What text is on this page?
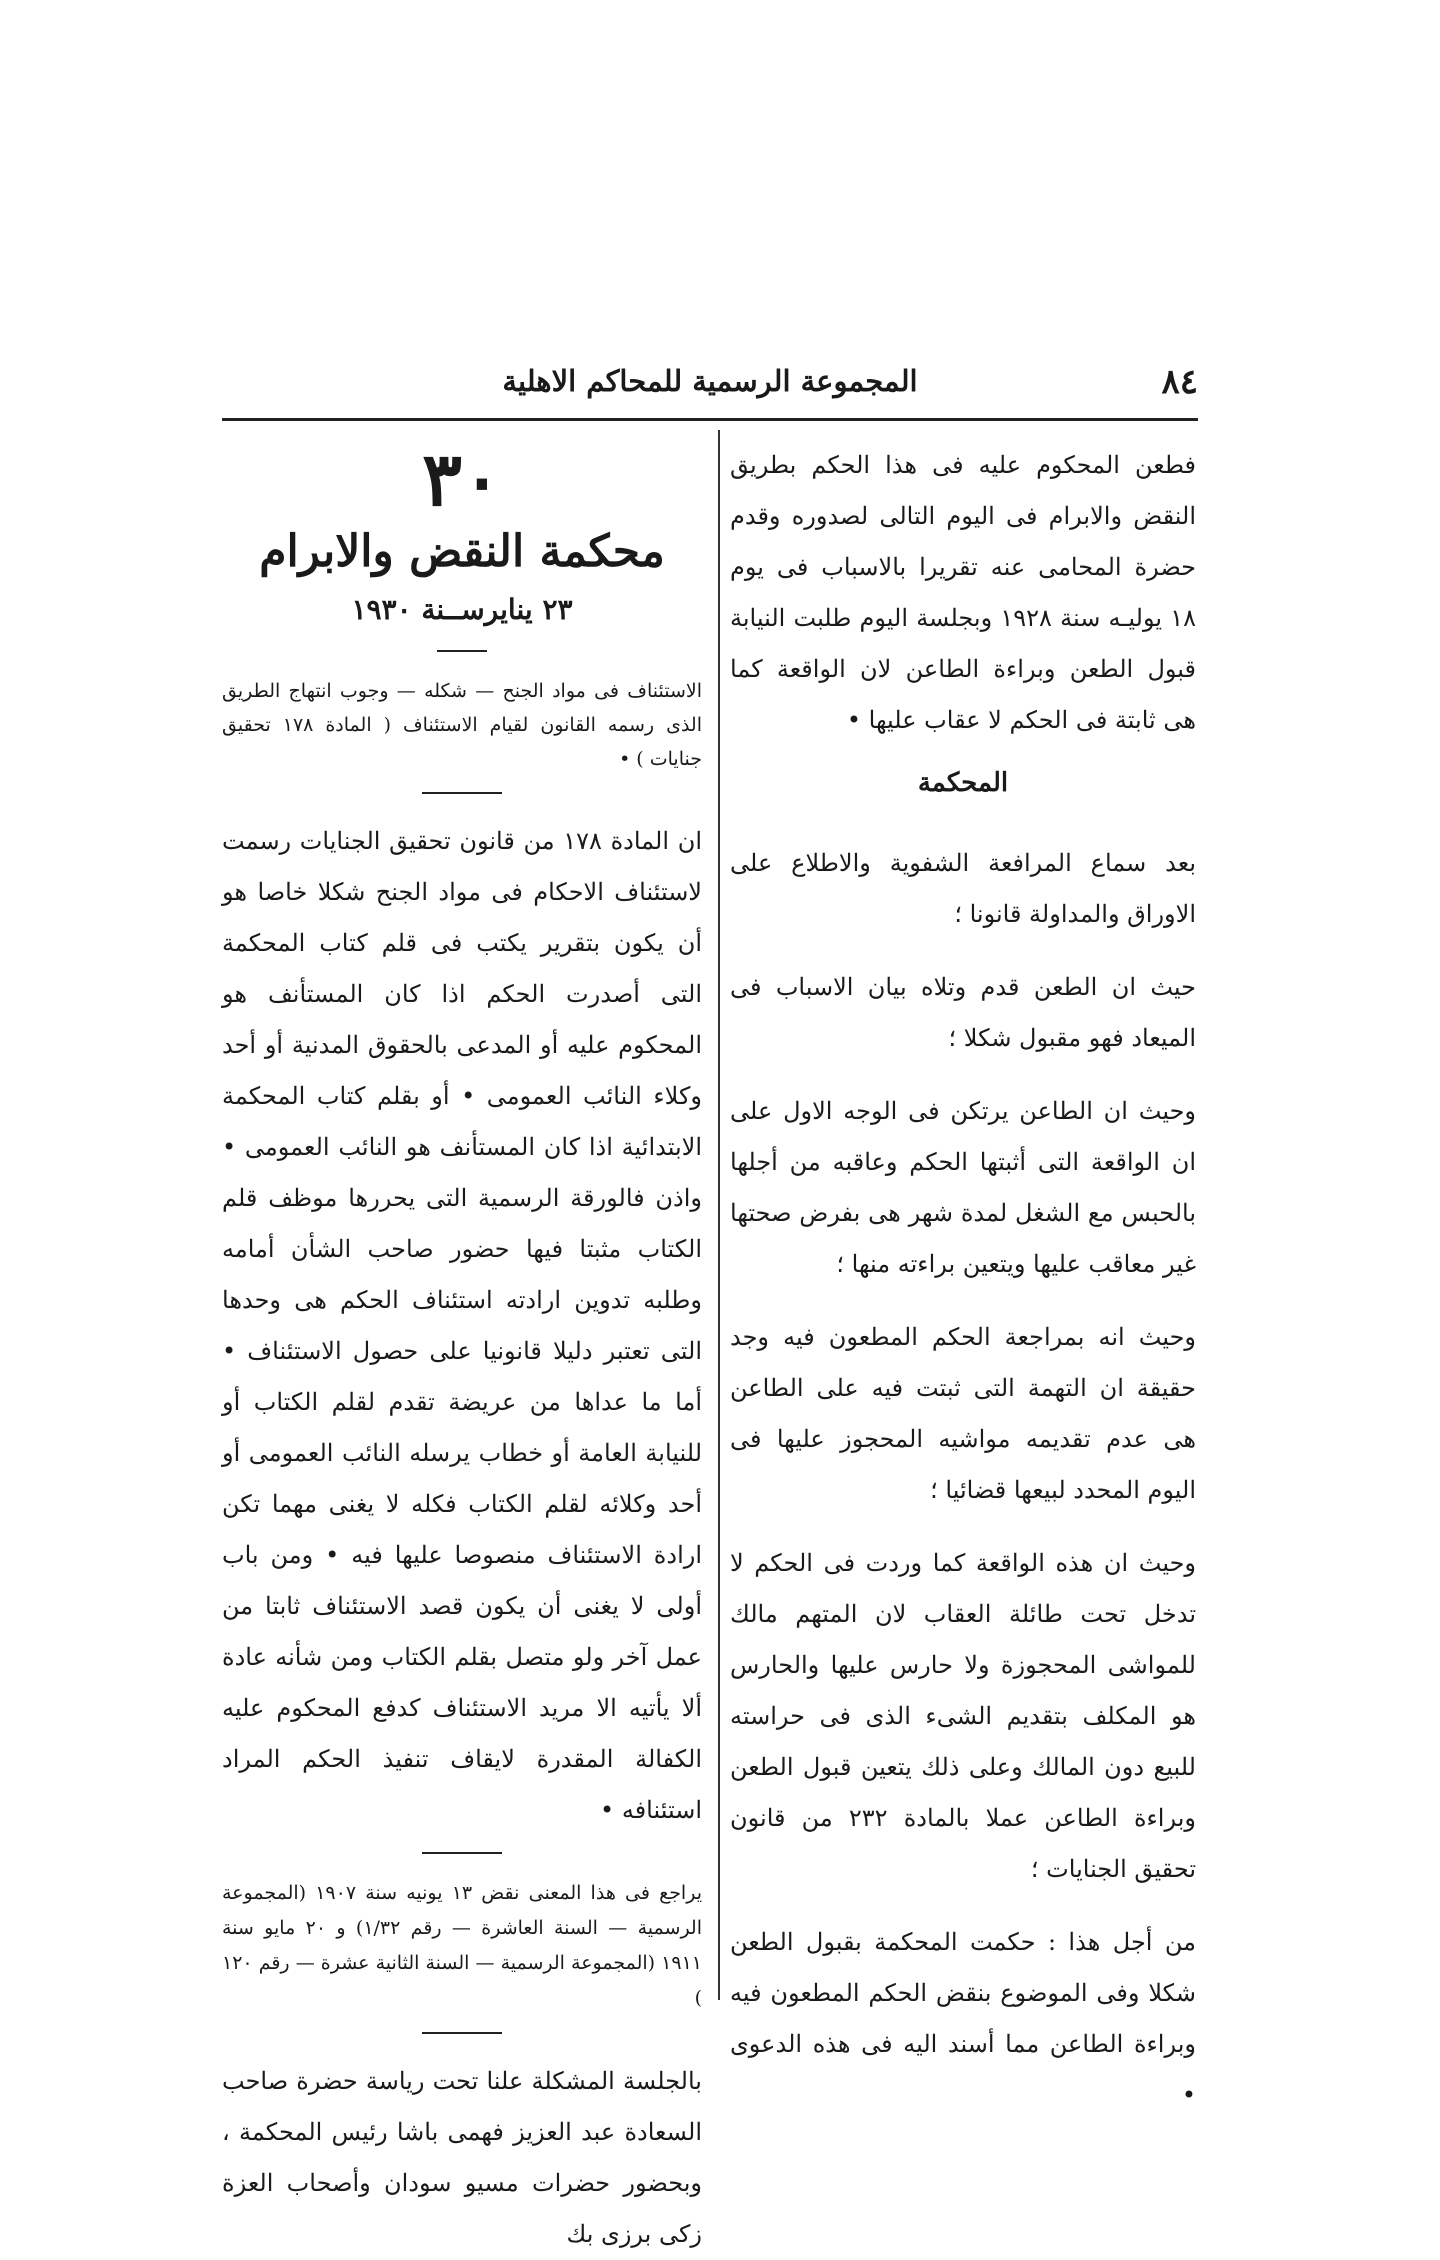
٨٤
المجموعة الرسمية للمحاكم الاهلية

فطعن المحكوم عليه فى هذا الحكم بطريق النقض والابرام فى اليوم التالى لصدوره وقدم حضرة المحامى عنه تقريرا بالاسباب فى يوم ١٨ يوليـه سنة ١٩٢٨ وبجلسة اليوم طلبت النيابة قبول الطعن وبراءة الطاعن لان الواقعة كما هى ثابتة فى الحكم لا عقاب عليها •

المحكمة

بعد سماع المرافعة الشفوية والاطلاع على الاوراق والمداولة قانونا ؛

حيث ان الطعن قدم وتلاه بيان الاسباب فى الميعاد فهو مقبول شكلا ؛

وحيث ان الطاعن يرتكن فى الوجه الاول على ان الواقعة التى أثبتها الحكم وعاقبه من أجلها بالحبس مع الشغل لمدة شهر هى بفرض صحتها غير معاقب عليها ويتعين براءته منها ؛

وحيث انه بمراجعة الحكم المطعون فيه وجد حقيقة ان التهمة التى ثبتت فيه على الطاعن هى عدم تقديمه مواشيه المحجوز عليها فى اليوم المحدد لبيعها قضائيا ؛

وحيث ان هذه الواقعة كما وردت فى الحكم لا تدخل تحت طائلة العقاب لان المتهم مالك للمواشى المحجوزة ولا حارس عليها والحارس هو المكلف بتقديم الشىء الذى فى حراسته للبيع دون المالك وعلى ذلك يتعين قبول الطعن وبراءة الطاعن عملا بالمادة ٢٣٢ من قانون تحقيق الجنايات ؛

من أجل هذا : حكمت المحكمة بقبول الطعن شكلا وفى الموضوع بنقض الحكم المطعون فيه وبراءة الطاعن مما أسند اليه فى هذه الدعوى •

٣٠
محكمة النقض والابرام
٢٣ ينايرســنة ١٩٣٠

الاستئناف فى مواد الجنح — شكله — وجوب انتهاج الطريق الذى رسمه القانون لقيام الاستئناف ( المادة ١٧٨ تحقيق جنايات ) •

ان المادة ١٧٨ من قانون تحقيق الجنايات رسمت لاستئناف الاحكام فى مواد الجنح شكلا خاصا هو أن يكون بتقرير يكتب فى قلم كتاب المحكمة التى أصدرت الحكم اذا كان المستأنف هو المحكوم عليه أو المدعى بالحقوق المدنية أو أحد وكلاء النائب العمومى • أو بقلم كتاب المحكمة الابتدائية اذا كان المستأنف هو النائب العمومى • واذن فالورقة الرسمية التى يحررها موظف قلم الكتاب مثبتا فيها حضور صاحب الشأن أمامه وطلبه تدوين ارادته استئناف الحكم هى وحدها التى تعتبر دليلا قانونيا على حصول الاستئناف • أما ما عداها من عريضة تقدم لقلم الكتاب أو للنيابة العامة أو خطاب يرسله النائب العمومى أو أحد وكلائه لقلم الكتاب فكله لا يغنى مهما تكن ارادة الاستئناف منصوصا عليها فيه • ومن باب أولى لا يغنى أن يكون قصد الاستئناف ثابتا من عمل آخر ولو متصل بقلم الكتاب ومن شأنه عادة ألا يأتيه الا مريد الاستئناف كدفع المحكوم عليه الكفالة المقدرة لايقاف تنفيذ الحكم المراد استئنافه •

يراجع فى هذا المعنى نقض ١٣ يونيه سنة ١٩٠٧ (المجموعة الرسمية — السنة العاشرة — رقم ١/٣٢) و ٢٠ مايو سنة ١٩١١ (المجموعة الرسمية — السنة الثانية عشرة — رقم ١٢٠ )

بالجلسة المشكلة علنا تحت رياسة حضرة صاحب السعادة عبد العزيز فهمى باشا رئيس المحكمة ، وبحضور حضرات مسيو سودان وأصحاب العزة زكى برزى بك
